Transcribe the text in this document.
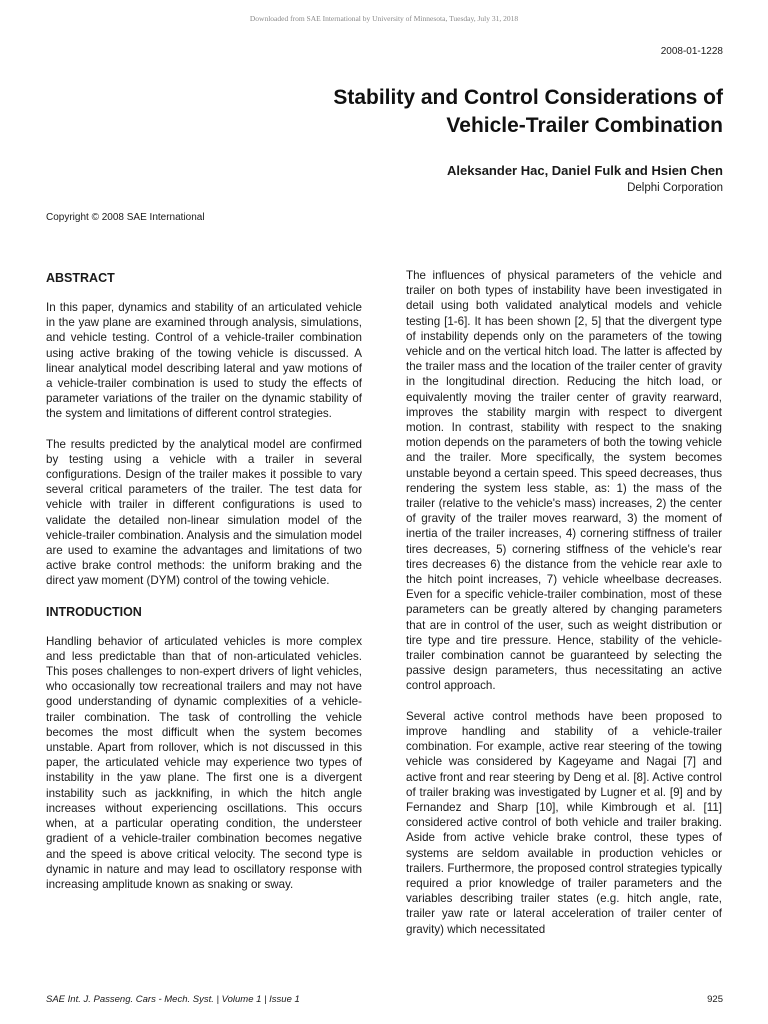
Downloaded from SAE International by University of Minnesota, Tuesday, July 31, 2018
2008-01-1228
Stability and Control Considerations of
Vehicle-Trailer Combination
Aleksander Hac, Daniel Fulk and Hsien Chen
Delphi Corporation
Copyright © 2008 SAE International
ABSTRACT

In this paper, dynamics and stability of an articulated vehicle in the yaw plane are examined through analysis, simulations, and vehicle testing. Control of a vehicle-trailer combination using active braking of the towing vehicle is discussed. A linear analytical model describing lateral and yaw motions of a vehicle-trailer combination is used to study the effects of parameter variations of the trailer on the dynamic stability of the system and limitations of different control strategies.

The results predicted by the analytical model are confirmed by testing using a vehicle with a trailer in several configurations. Design of the trailer makes it possible to vary several critical parameters of the trailer. The test data for vehicle with trailer in different configurations is used to validate the detailed non-linear simulation model of the vehicle-trailer combination. Analysis and the simulation model are used to examine the advantages and limitations of two active brake control methods: the uniform braking and the direct yaw moment (DYM) control of the towing vehicle.

INTRODUCTION

Handling behavior of articulated vehicles is more complex and less predictable than that of non-articulated vehicles. This poses challenges to non-expert drivers of light vehicles, who occasionally tow recreational trailers and may not have good understanding of dynamic complexities of a vehicle-trailer combination. The task of controlling the vehicle becomes the most difficult when the system becomes unstable. Apart from rollover, which is not discussed in this paper, the articulated vehicle may experience two types of instability in the yaw plane. The first one is a divergent instability such as jackknifing, in which the hitch angle increases without experiencing oscillations. This occurs when, at a particular operating condition, the understeer gradient of a vehicle-trailer combination becomes negative and the speed is above critical velocity. The second type is dynamic in nature and may lead to oscillatory response with increasing amplitude known as snaking or sway.

The influences of physical parameters of the vehicle and trailer on both types of instability have been investigated in detail using both validated analytical models and vehicle testing [1-6]. It has been shown [2, 5] that the divergent type of instability depends only on the parameters of the towing vehicle and on the vertical hitch load. The latter is affected by the trailer mass and the location of the trailer center of gravity in the longitudinal direction. Reducing the hitch load, or equivalently moving the trailer center of gravity rearward, improves the stability margin with respect to divergent motion. In contrast, stability with respect to the snaking motion depends on the parameters of both the towing vehicle and the trailer. More specifically, the system becomes unstable beyond a certain speed. This speed decreases, thus rendering the system less stable, as: 1) the mass of the trailer (relative to the vehicle's mass) increases, 2) the center of gravity of the trailer moves rearward, 3) the moment of inertia of the trailer increases, 4) cornering stiffness of trailer tires decreases, 5) cornering stiffness of the vehicle's rear tires decreases 6) the distance from the vehicle rear axle to the hitch point increases, 7) vehicle wheelbase decreases. Even for a specific vehicle-trailer combination, most of these parameters can be greatly altered by changing parameters that are in control of the user, such as weight distribution or tire type and tire pressure. Hence, stability of the vehicle-trailer combination cannot be guaranteed by selecting the passive design parameters, thus necessitating an active control approach.

Several active control methods have been proposed to improve handling and stability of a vehicle-trailer combination. For example, active rear steering of the towing vehicle was considered by Kageyame and Nagai [7] and active front and rear steering by Deng et al. [8]. Active control of trailer braking was investigated by Lugner et al. [9] and by Fernandez and Sharp [10], while Kimbrough et al. [11] considered active control of both vehicle and trailer braking. Aside from active vehicle brake control, these types of systems are seldom available in production vehicles or trailers. Furthermore, the proposed control strategies typically required a prior knowledge of trailer parameters and the variables describing trailer states (e.g. hitch angle, rate, trailer yaw rate or lateral acceleration of trailer center of gravity) which necessitated

SAE Int. J. Passeng. Cars - Mech. Syst. | Volume 1 | Issue 1	925
